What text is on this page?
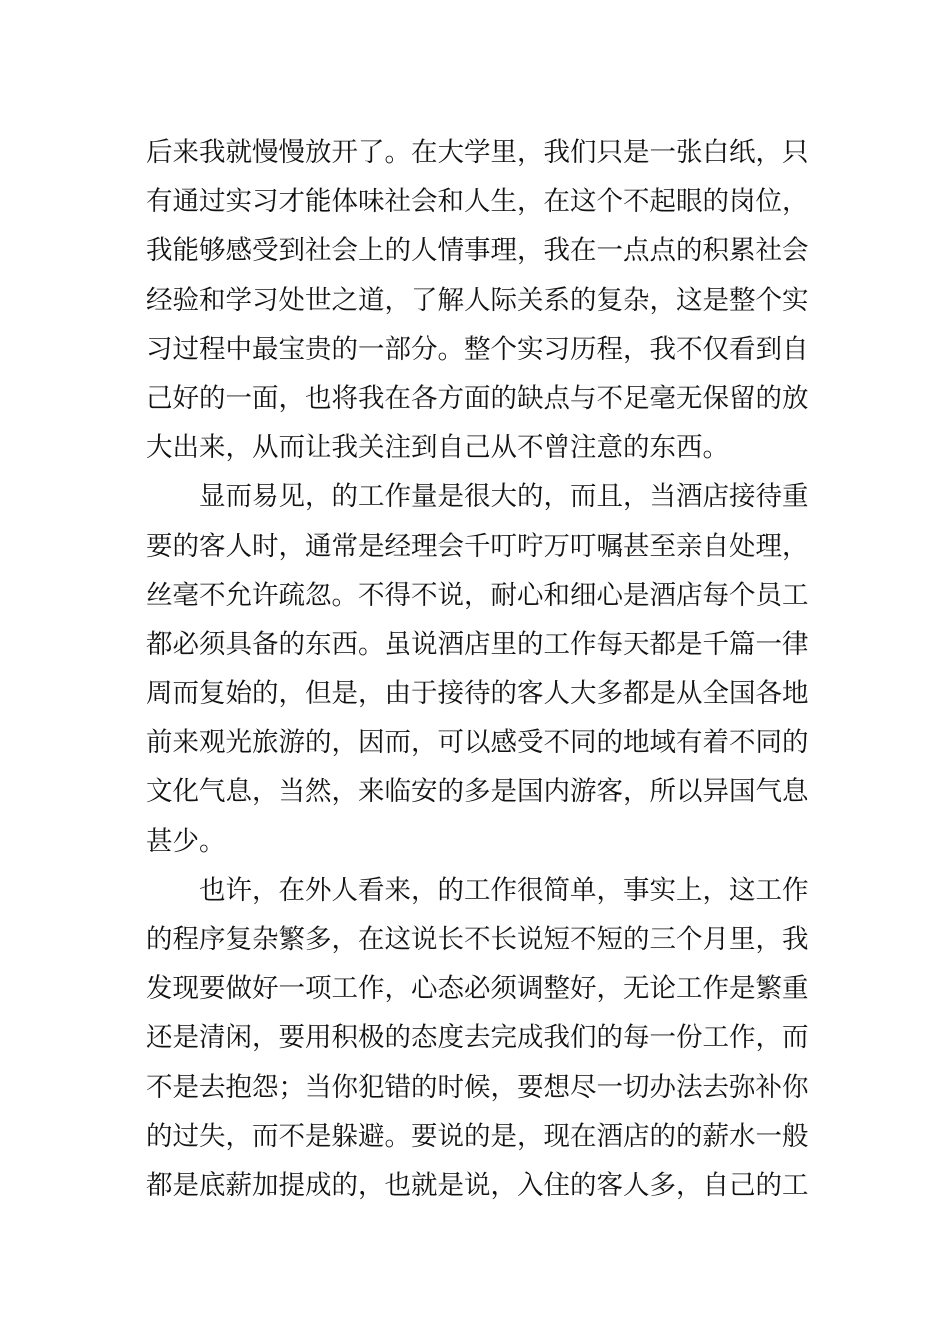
后来我就慢慢放开了。在大学里，我们只是一张白纸，只
有通过实习才能体味社会和人生，在这个不起眼的岗位，
我能够感受到社会上的人情事理，我在一点点的积累社会
经验和学习处世之道，了解人际关系的复杂，这是整个实
习过程中最宝贵的一部分。整个实习历程，我不仅看到自
己好的一面，也将我在各方面的缺点与不足毫无保留的放
大出来，从而让我关注到自己从不曾注意的东西。
显而易见，的工作量是很大的，而且，当酒店接待重
要的客人时，通常是经理会千叮咛万叮嘱甚至亲自处理，
丝毫不允许疏忽。不得不说，耐心和细心是酒店每个员工
都必须具备的东西。虽说酒店里的工作每天都是千篇一律
周而复始的，但是，由于接待的客人大多都是从全国各地
前来观光旅游的，因而，可以感受不同的地域有着不同的
文化气息，当然，来临安的多是国内游客，所以异国气息
甚少。
也许，在外人看来，的工作很简单，事实上，这工作
的程序复杂繁多，在这说长不长说短不短的三个月里，我
发现要做好一项工作，心态必须调整好，无论工作是繁重
还是清闲，要用积极的态度去完成我们的每一份工作，而
不是去抱怨；当你犯错的时候，要想尽一切办法去弥补你
的过失，而不是躲避。要说的是，现在酒店的的薪水一般
都是底薪加提成的，也就是说，入住的客人多，自己的工
